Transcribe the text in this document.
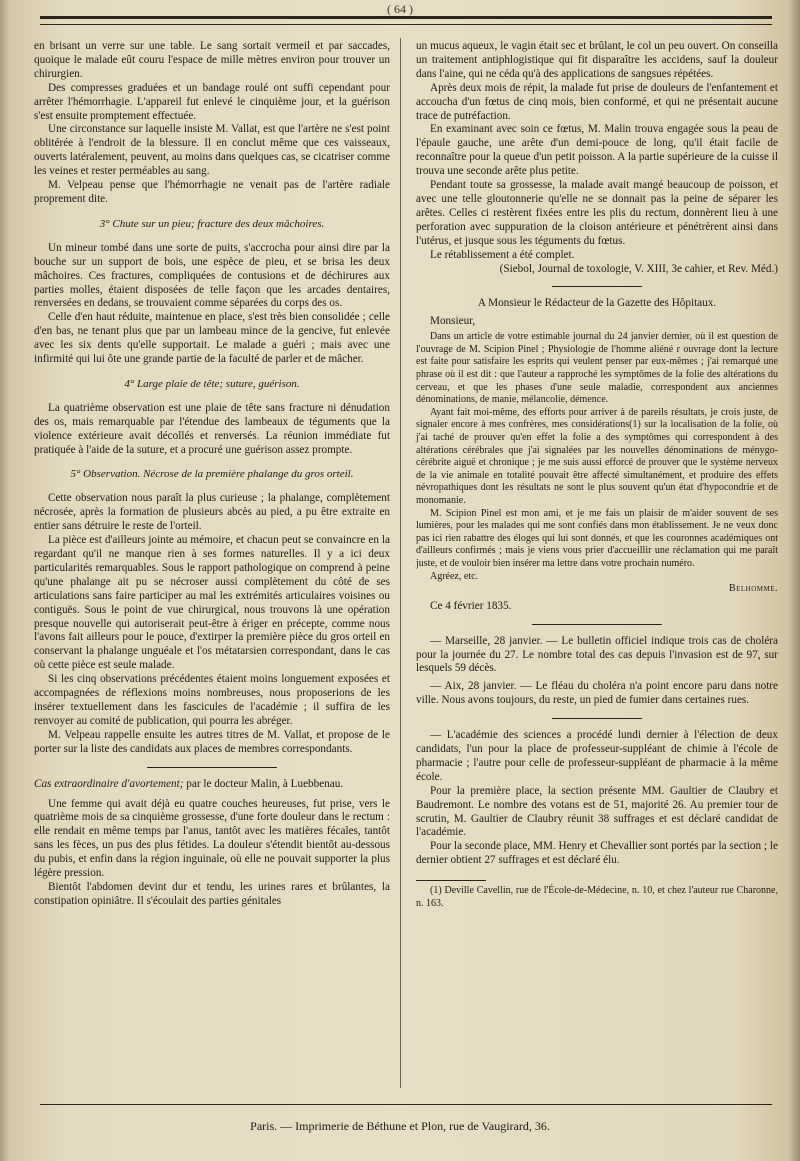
( 64 )

en brisant un verre sur une table. Le sang sortait vermeil et par saccades, quoique le malade eût couru l'espace de mille mètres environ pour trouver un chirurgien.

Des compresses graduées et un bandage roulé ont suffi cependant pour arrêter l'hémorrhagie. L'appareil fut enlevé le cinquième jour, et la guérison s'est ensuite promptement effectuée.

Une circonstance sur laquelle insiste M. Vallat, est que l'artère ne s'est point oblitérée à l'endroit de la blessure. Il en conclut même que ces vaisseaux, ouverts latéralement, peuvent, au moins dans quelques cas, se cicatriser comme les veines et rester perméables au sang.

M. Velpeau pense que l'hémorrhagie ne venait pas de l'artère radiale proprement dite.

3° Chute sur un pieu; fracture des deux mâchoires.

Un mineur tombé dans une sorte de puits, s'accrocha pour ainsi dire par la bouche sur un support de bois, une espèce de pieu, et se brisa les deux mâchoires. Ces fractures, compliquées de contusions et de déchirures aux parties molles, étaient disposées de telle façon que les arcades dentaires, renversées en dedans, se trouvaient comme séparées du corps des os.

Celle d'en haut réduite, maintenue en place, s'est très bien consolidée ; celle d'en bas, ne tenant plus que par un lambeau mince de la gencive, fut enlevée avec les six dents qu'elle supportait. Le malade a guéri ; mais avec une infirmité qui lui ôte une grande partie de la faculté de parler et de mâcher.

4° Large plaie de tête; suture, guérison.

La quatrième observation est une plaie de tête sans fracture ni dénudation des os, mais remarquable par l'étendue des lambeaux de téguments que la violence extérieure avait décollés et renversés. La réunion immédiate fut pratiquée à l'aide de la suture, et a procuré une guérison assez prompte.

5° Observation. Nécrose de la première phalange du gros orteil.

Cette observation nous paraît la plus curieuse ; la phalange, complètement nécrosée, après la formation de plusieurs abcès au pied, a pu être extraite en entier sans détruire le reste de l'orteil.

La pièce est d'ailleurs jointe au mémoire, et chacun peut se convaincre en la regardant qu'il ne manque rien à ses formes naturelles. Il y a ici deux particularités remarquables. Sous le rapport pathologique on comprend à peine qu'une phalange ait pu se nécroser aussi complètement du côté de ses articulations sans faire participer au mal les extrémités articulaires voisines ou contiguës. Sous le point de vue chirurgical, nous trouvons là une opération presque nouvelle qui autoriserait peut-être à ériger en précepte, comme nous l'avons fait ailleurs pour le pouce, d'extirper la première pièce du gros orteil en conservant la phalange unguéale et l'os métatarsien correspondant, dans le cas où cette pièce est seule malade.

Si les cinq observations précédentes étaient moins longuement exposées et accompagnées de réflexions moins nombreuses, nous proposerions de les insérer textuellement dans les fascicules de l'académie ; il suffira de les renvoyer au comité de publication, qui pourra les abréger.

M. Velpeau rappelle ensuite les autres titres de M. Vallat, et propose de le porter sur la liste des candidats aux places de membres correspondants.

Cas extraordinaire d'avortement; par le docteur Malin, à Luebbenau.

Une femme qui avait déjà eu quatre couches heureuses, fut prise, vers le quatrième mois de sa cinquième grossesse, d'une forte douleur dans le rectum : elle rendait en même temps par l'anus, tantôt avec les matières fécales, tantôt sans les fèces, un pus des plus fétides. La douleur s'étendit bientôt au-dessous du pubis, et enfin dans la région inguinale, où elle ne pouvait supporter la plus légère pression.

Bientôt l'abdomen devint dur et tendu, les urines rares et brûlantes, la constipation opiniâtre. Il s'écoulait des parties génitales

un mucus aqueux, le vagin était sec et brûlant, le col un peu ouvert. On conseilla un traitement antiphlogistique qui fit disparaître les accidens, sauf la douleur dans l'aine, qui ne céda qu'à des applications de sangsues répétées.

Après deux mois de répit, la malade fut prise de douleurs de l'enfantement et accoucha d'un fœtus de cinq mois, bien conformé, et qui ne présentait aucune trace de putréfaction.

En examinant avec soin ce fœtus, M. Malin trouva engagée sous la peau de l'épaule gauche, une arête d'un demi-pouce de long, qu'il était facile de reconnaître pour la queue d'un petit poisson. A la partie supérieure de la cuisse il trouva une seconde arête plus petite.

Pendant toute sa grossesse, la malade avait mangé beaucoup de poisson, et avec une telle gloutonnerie qu'elle ne se donnait pas la peine de séparer les arêtes. Celles ci restèrent fixées entre les plis du rectum, donnèrent lieu à une perforation avec suppuration de la cloison antérieure et pénétrèrent ainsi dans l'utérus, et jusque sous les téguments du fœtus.

Le rétablissement a été complet.

(Siebol, Journal de toxologie, V. XIII, 3e cahier, et Rev. Méd.)

A Monsieur le Rédacteur de la Gazette des Hôpitaux.

Monsieur,

Dans un article de votre estimable journal du 24 janvier dernier, où il est question de l'ouvrage de M. Scipion Pinel ; Physiologie de l'homme aliéné r ouvrage dont la lecture est faite pour satisfaire les esprits qui veulent penser par eux-mêmes ; j'ai remarqué une phrase où il est dit : que l'auteur a rapproché les symptômes de la folie des altérations du cerveau, et que les phases d'une seule maladie, correspondent aux anciennes dénominations, de manie, mélancolie, démence.

Ayant fait moi-même, des efforts pour arriver à de pareils résultats, je crois juste, de signaler encore à mes confrères, mes considérations(1) sur la localisation de la folie, où j'ai taché de prouver qu'en effet la folie a des symptômes qui correspondent à des altérations cérébrales que j'ai signalées par les nouvelles dénominations de ménygo-cérébrite aiguë et chronique ; je me suis aussi efforcé de prouver que le système nerveux de la vie animale en totalité pouvait être affecté simultanément, et produire des effets névropathiques dont les résultats ne sont le plus souvent qu'un état d'hypocondrie et de monomanie.

M. Scipion Pinel est mon ami, et je me fais un plaisir de m'aider souvent de ses lumières, pour les malades qui me sont confiés dans mon établissement. Je ne veux donc pas ici rien rabattre des éloges qui lui sont donnés, et que les couronnes académiques ont d'ailleurs confirmés ; mais je viens vous prier d'accueillir une réclamation qui me paraît juste, et de vouloir bien insérer ma lettre dans votre prochain numéro.

Agréez, etc.

Belhomme.

Ce 4 février 1835.

— Marseille, 28 janvier. — Le bulletin officiel indique trois cas de choléra pour la journée du 27. Le nombre total des cas depuis l'invasion est de 97, sur lesquels 59 décès.

— Aix, 28 janvier. — Le fléau du choléra n'a point encore paru dans notre ville. Nous avons toujours, du reste, un pied de fumier dans certaines rues.

— L'académie des sciences a procédé lundi dernier à l'élection de deux candidats, l'un pour la place de professeur-suppléant de chimie à l'école de pharmacie ; l'autre pour celle de professeur-suppléant de pharmacie à la même école.

Pour la première place, la section présente MM. Gaultier de Claubry et Baudremont. Le nombre des votans est de 51, majorité 26. Au premier tour de scrutin, M. Gaultier de Claubry réunit 38 suffrages et est déclaré candidat de l'académie.

Pour la seconde place, MM. Henry et Chevallier sont portés par la section ; le dernier obtient 27 suffrages et est déclaré élu.

(1) Deville Cavellin, rue de l'École-de-Médecine, n. 10, et chez l'auteur rue Charonne, n. 163.

Paris. — Imprimerie de Béthune et Plon, rue de Vaugirard, 36.
